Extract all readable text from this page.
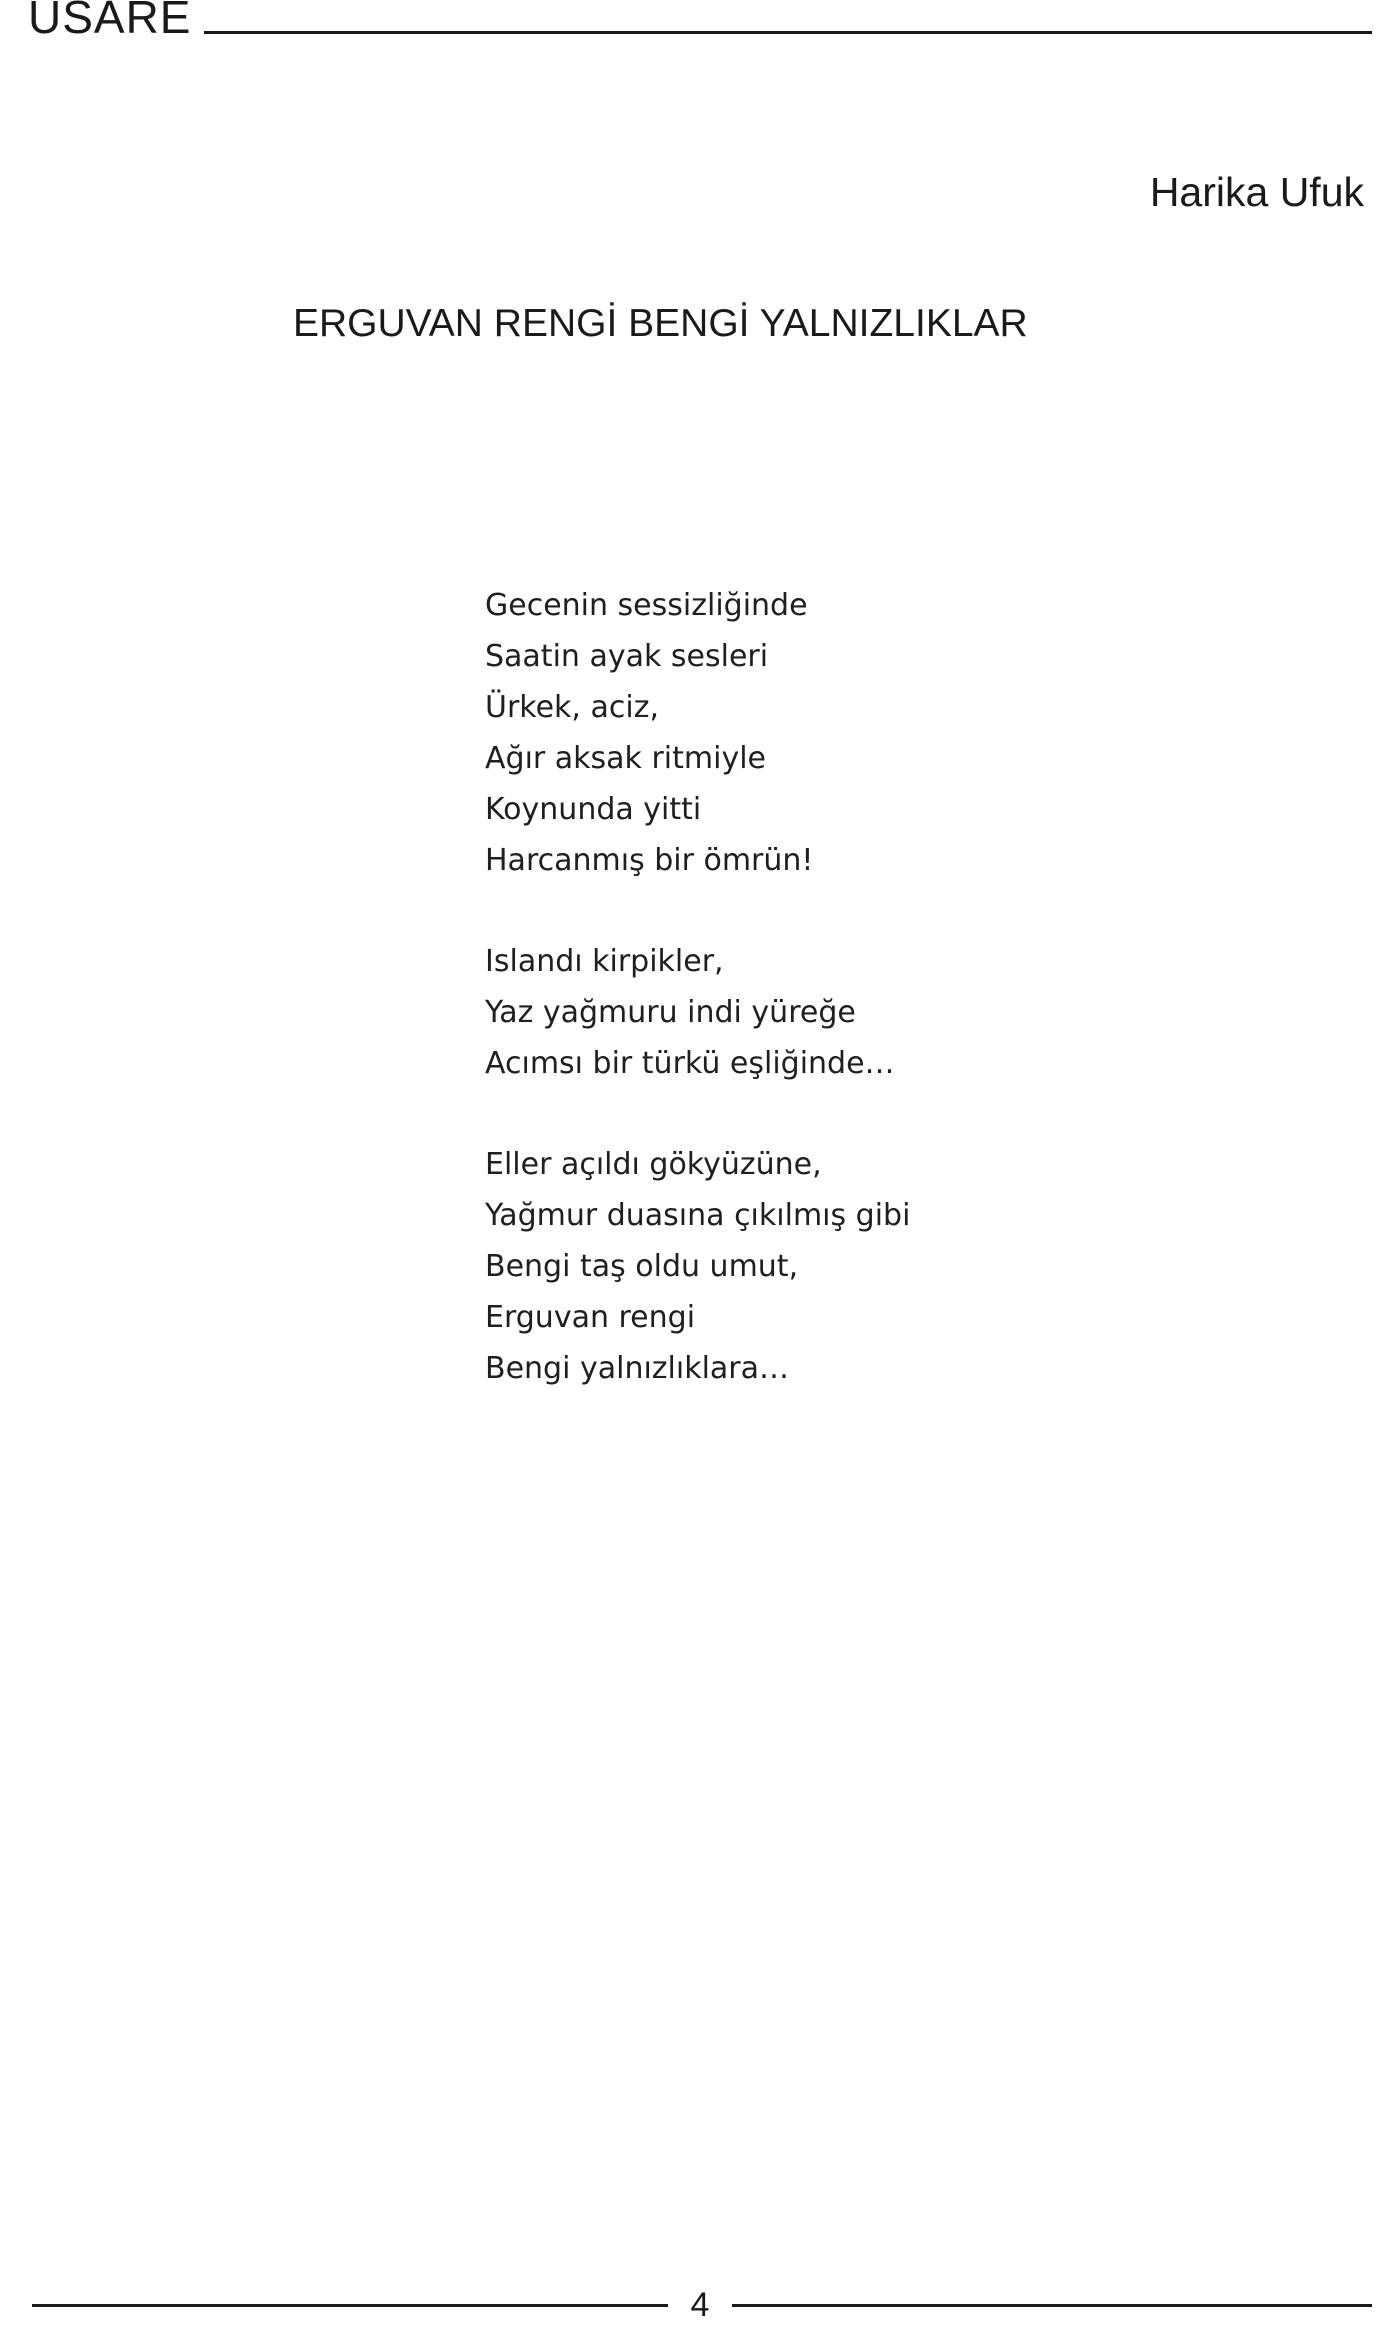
USARE
Harika Ufuk
ERGUVAN RENGİ BENGİ YALNIZLIKLAR
Gecenin sessizliğinde
Saatin ayak sesleri
Ürkek, aciz,
Ağır aksak ritmiyle
Koynunda yitti
Harcanmış bir ömrün!
Islandı kirpikler,
Yaz yağmuru indi yüreğe
Acımsı bir türkü eşliğinde…
Eller açıldı gökyüzüne,
Yağmur duasına çıkılmış gibi
Bengi taş oldu umut,
Erguvan rengi
Bengi yalnızlıklara…
4
